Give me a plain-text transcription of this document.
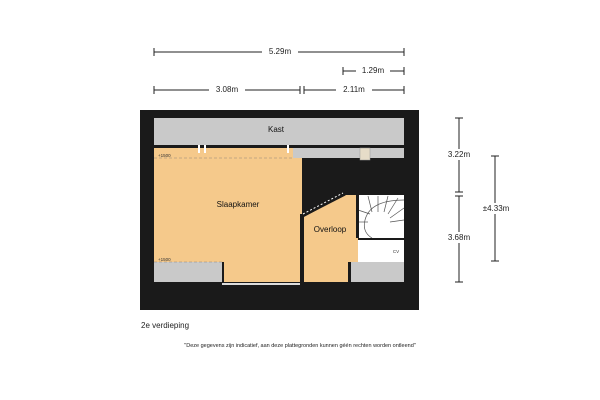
5.29m
1.29m
3.08m	2.11m
3.22m
3.68m
±4.33m
Kast
Slaapkamer
Overloop
CV
+1500
+1500
2e verdieping
"Deze gegevens zijn indicatief, aan deze plattegronden kunnen géén rechten worden ontleend"
